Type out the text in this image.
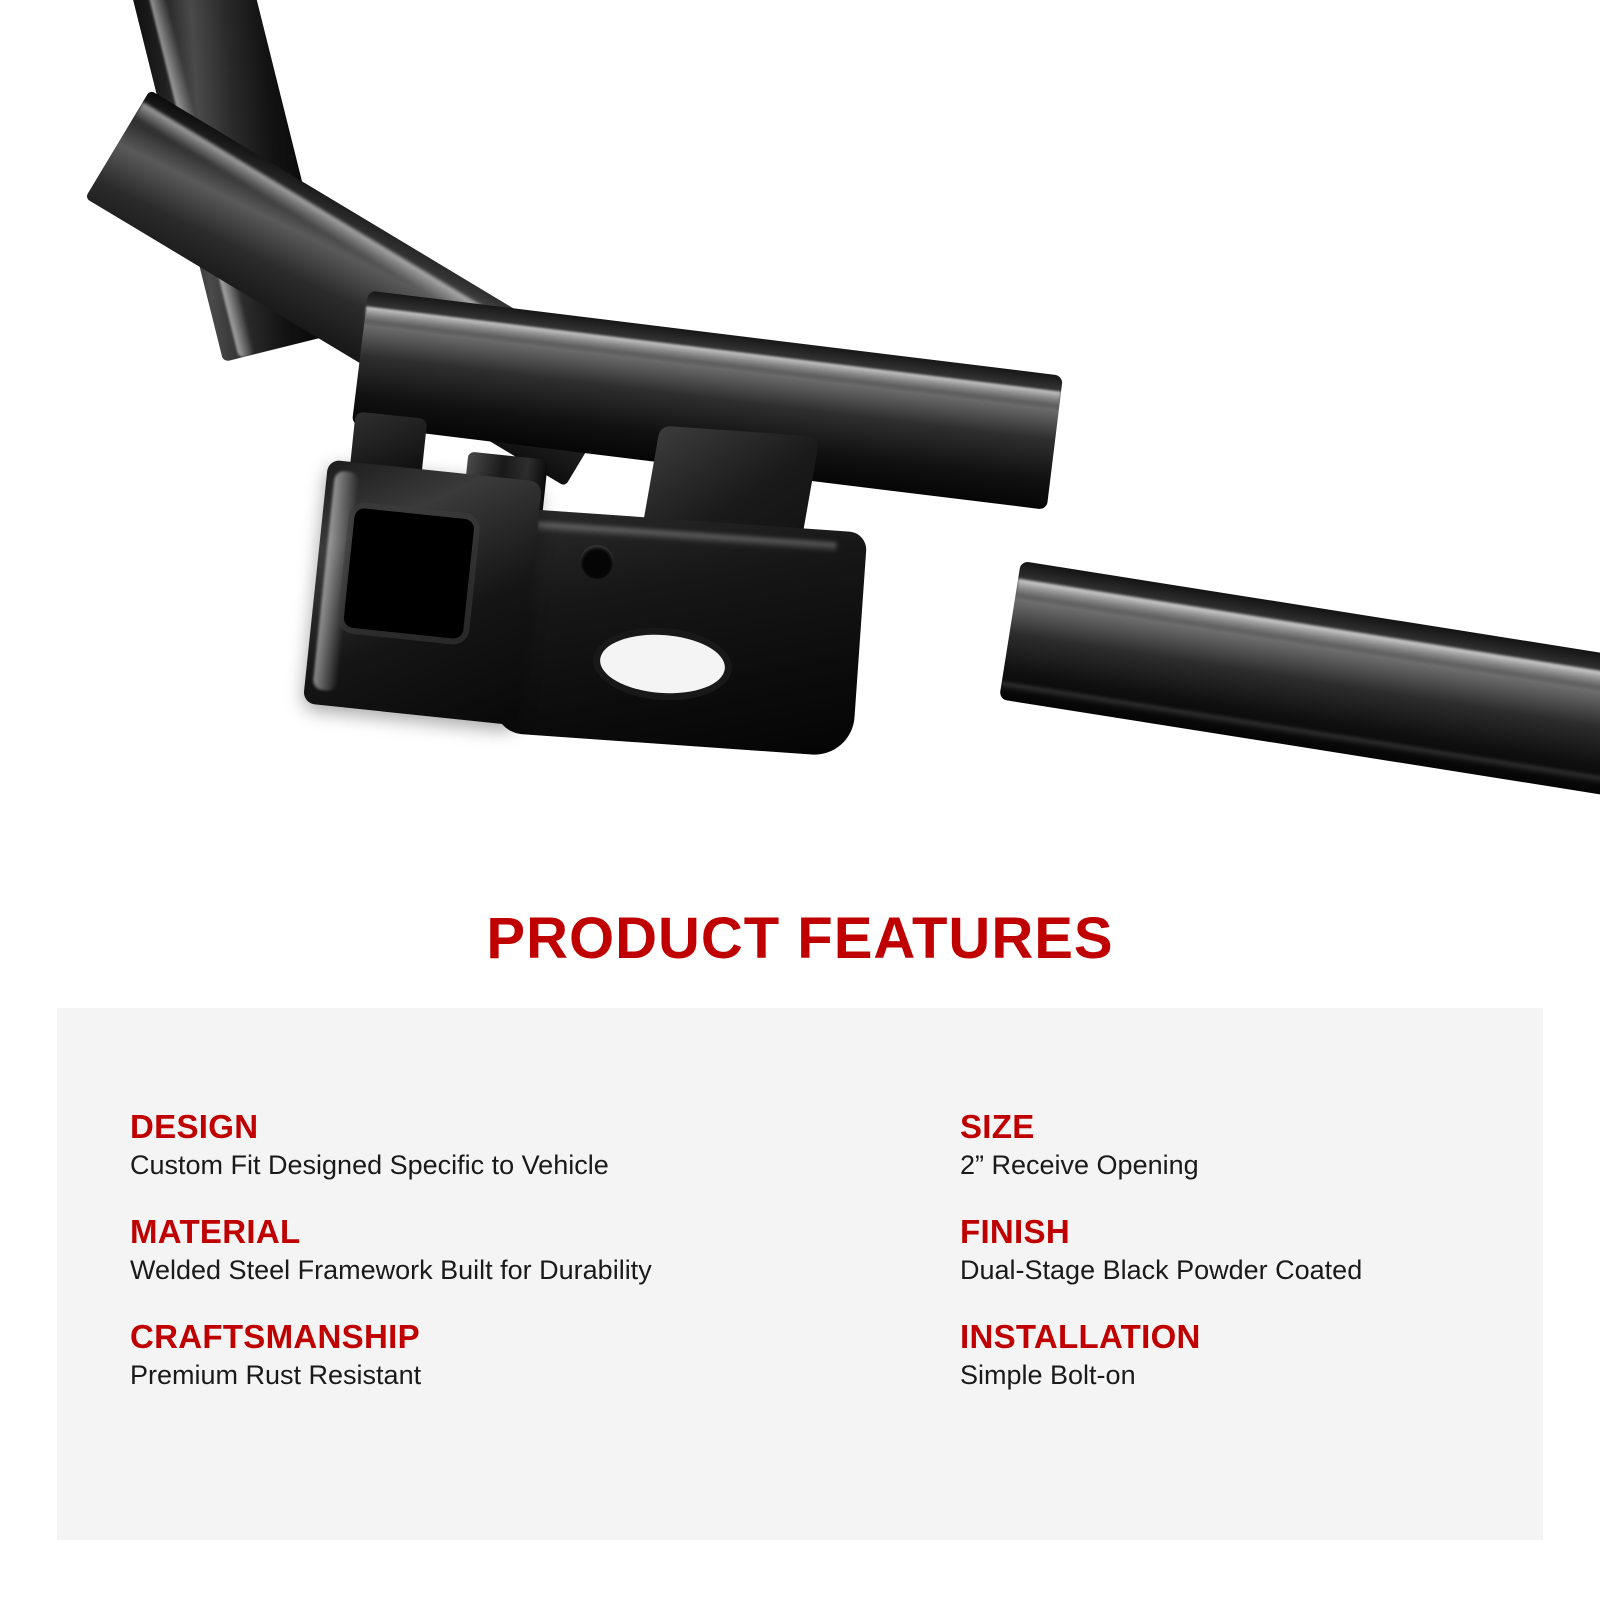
PRODUCT FEATURES

DESIGN

Custom Fit Designed Specific to Vehicle

SIZE

2” Receive Opening

MATERIAL

Welded Steel Framework Built for Durability

FINISH

Dual-Stage Black Powder Coated

CRAFTSMANSHIP

Premium Rust Resistant

INSTALLATION

Simple Bolt-on
